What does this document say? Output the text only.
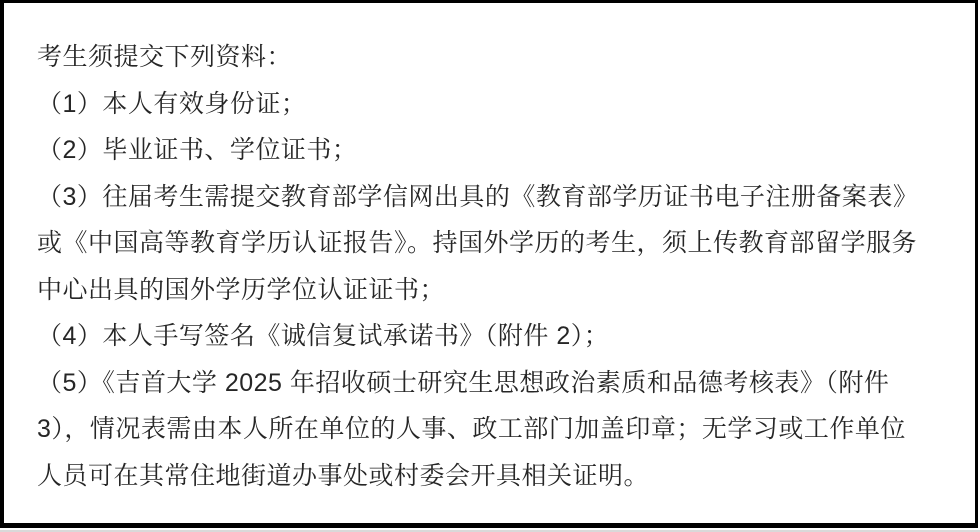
考生须提交下列资料：
（1）本人有效身份证；
（2）毕业证书、学位证书；
（3）往届考生需提交教育部学信网出具的《教育部学历证书电子注册备案表》
或《中国高等教育学历认证报告》。持国外学历的考生，须上传教育部留学服务
中心出具的国外学历学位认证证书；
（4）本人手写签名《诚信复试承诺书》（附件 2）；
（5）《吉首大学 2025 年招收硕士研究生思想政治素质和品德考核表》（附件
3），情况表需由本人所在单位的人事、政工部门加盖印章；无学习或工作单位
人员可在其常住地街道办事处或村委会开具相关证明。
